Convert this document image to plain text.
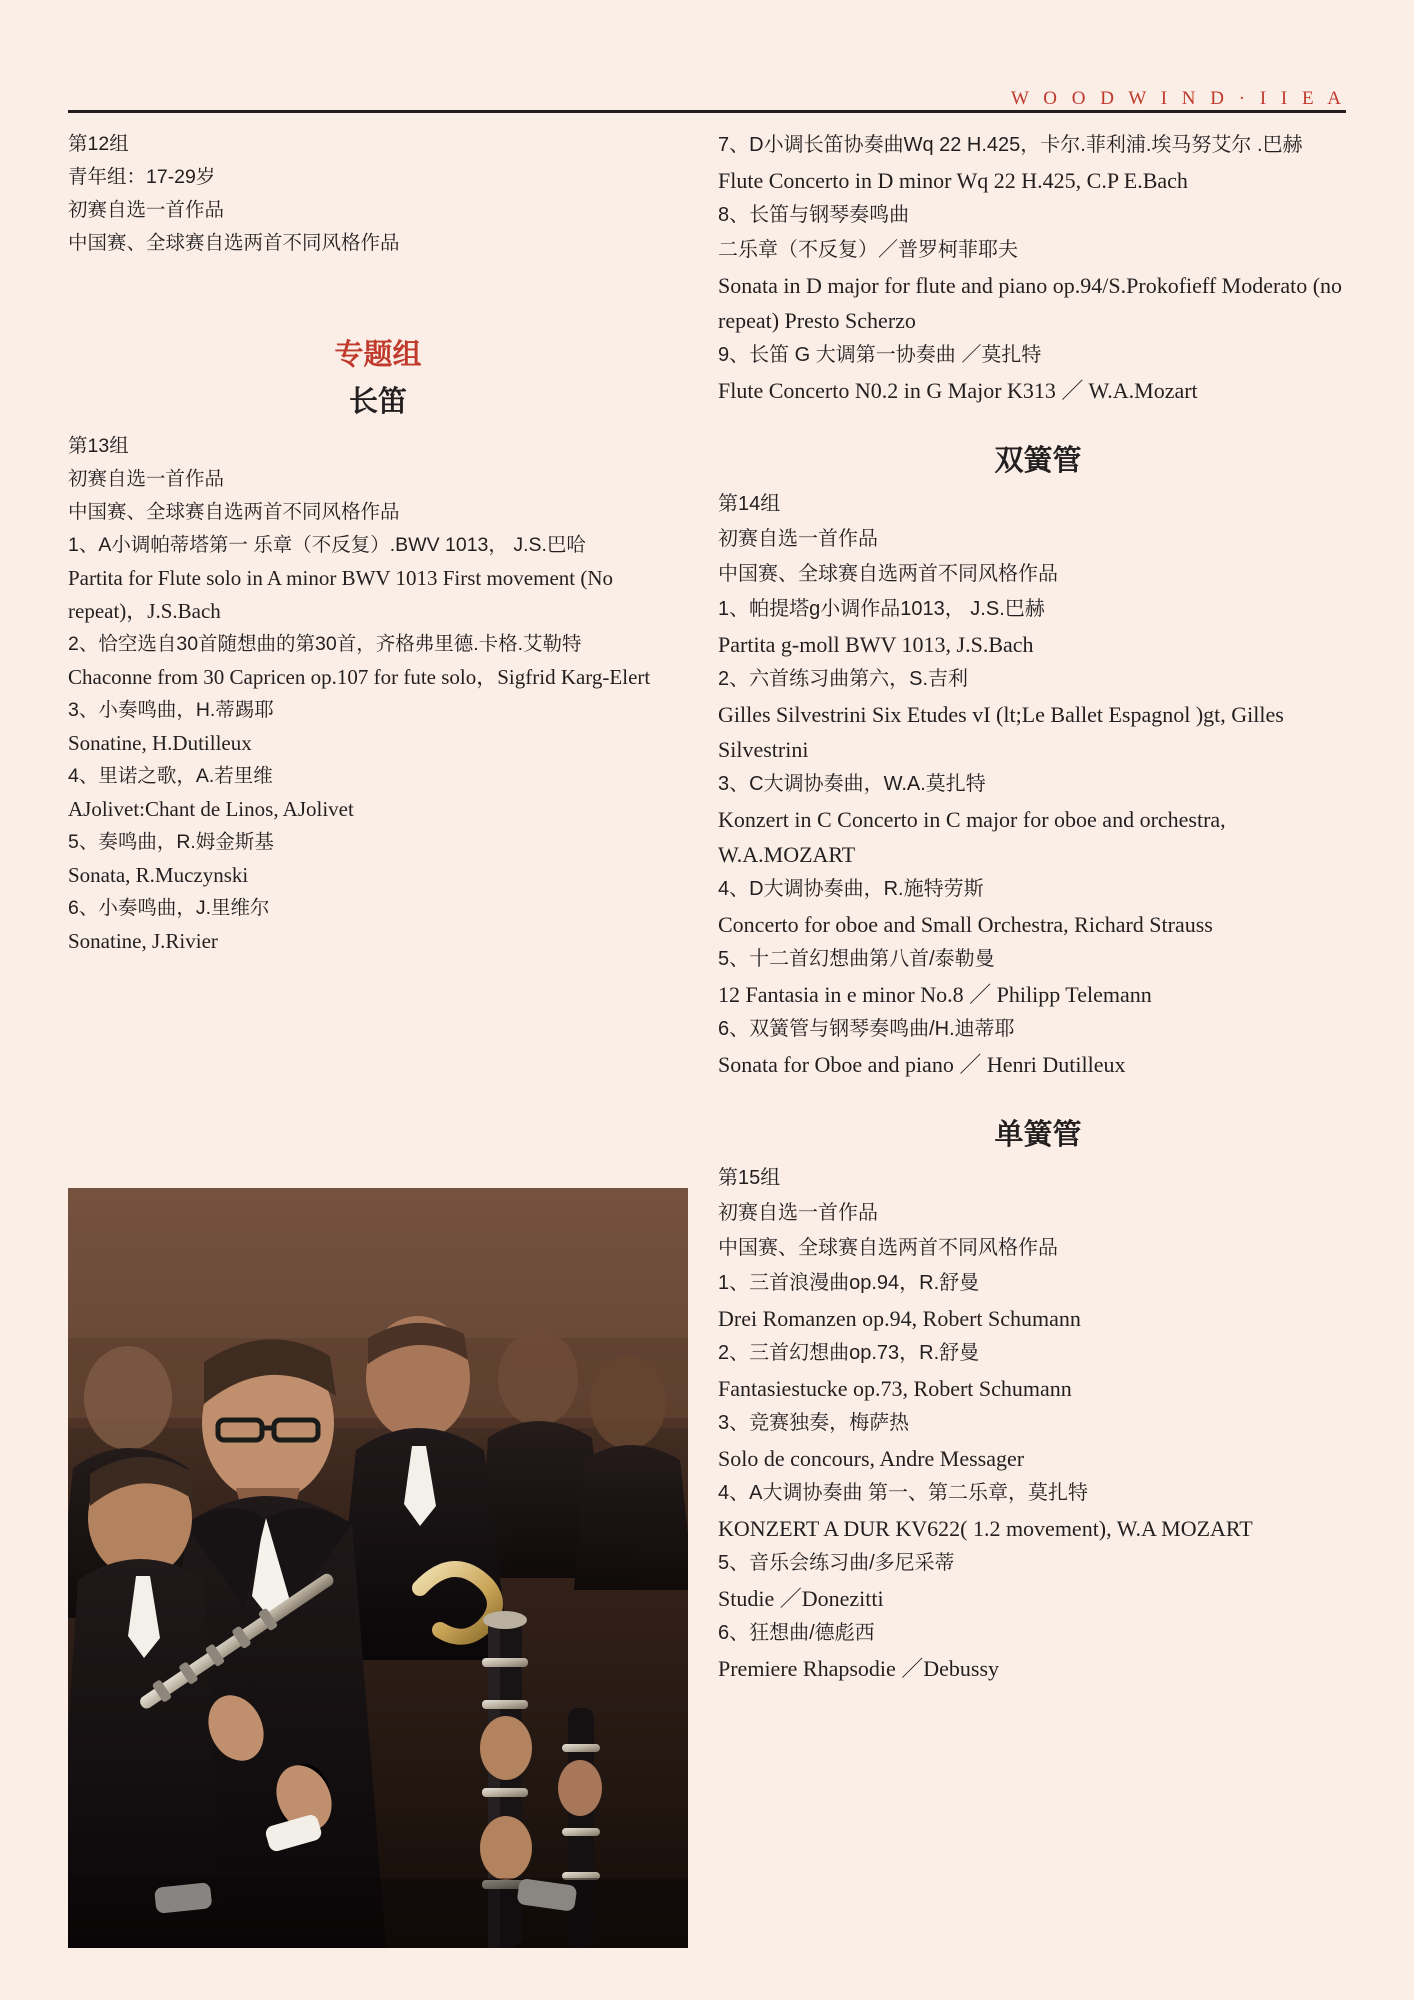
W O O D W I N D · I I E A
第12组
青年组：17-29岁
初赛自选一首作品
中国赛、全球赛自选两首不同风格作品
专题组
长笛
第13组
初赛自选一首作品
中国赛、全球赛自选两首不同风格作品
1、A小调帕蒂塔第一 乐章（不反复）.BWV 1013， J.S.巴哈
Partita for Flute solo in A minor BWV 1013 First movement (No repeat)，J.S.Bach
2、恰空选自30首随想曲的第30首，齐格弗里德.卡格.艾勒特
Chaconne from 30 Capricen op.107 for fute solo，Sigfrid Karg-Elert
3、小奏鸣曲，H.蒂踢耶
Sonatine, H.Dutilleux
4、里诺之歌，A.若里维
AJolivet:Chant de Linos, AJolivet
5、奏鸣曲，R.姆金斯基
Sonata, R.Muczynski
6、小奏鸣曲，J.里维尔
Sonatine, J.Rivier
7、D小调长笛协奏曲Wq 22 H.425，卡尔.菲利浦.埃马努艾尔 .巴赫
Flute Concerto in D minor Wq 22 H.425, C.P E.Bach
8、长笛与钢琴奏鸣曲
二乐章（不反复）／普罗柯菲耶夫
Sonata in D major for flute and piano op.94/S.Prokofieff Moderato (no repeat) Presto Scherzo
9、长笛 G 大调第一协奏曲 ／莫扎特
Flute Concerto N0.2 in G Major K313 ／ W.A.Mozart
双簧管
第14组
初赛自选一首作品
中国赛、全球赛自选两首不同风格作品
1、帕提塔g小调作品1013， J.S.巴赫
Partita g-moll BWV 1013, J.S.Bach
2、六首练习曲第六，S.吉利
Gilles Silvestrini Six Etudes vI (lt;Le Ballet Espagnol )gt, Gilles Silvestrini
3、C大调协奏曲，W.A.莫扎特
Konzert in C Concerto in C major for oboe and orchestra, W.A.MOZART
4、D大调协奏曲，R.施特劳斯
Concerto for oboe and Small Orchestra, Richard Strauss
5、十二首幻想曲第八首/泰勒曼
12 Fantasia in e minor No.8 ／ Philipp Telemann
6、双簧管与钢琴奏鸣曲/H.迪蒂耶
Sonata for Oboe and piano ／ Henri Dutilleux
单簧管
第15组
初赛自选一首作品
中国赛、全球赛自选两首不同风格作品
1、三首浪漫曲op.94，R.舒曼
Drei Romanzen op.94, Robert Schumann
2、三首幻想曲op.73，R.舒曼
Fantasiestucke op.73, Robert Schumann
3、竞赛独奏，梅萨热
Solo de concours, Andre Messager
4、A大调协奏曲 第一、第二乐章，莫扎特
KONZERT A DUR KV622( 1.2 movement), W.A MOZART
5、音乐会练习曲/多尼采蒂
Studie ／Donezitti
6、狂想曲/德彪西
Premiere Rhapsodie ／Debussy
